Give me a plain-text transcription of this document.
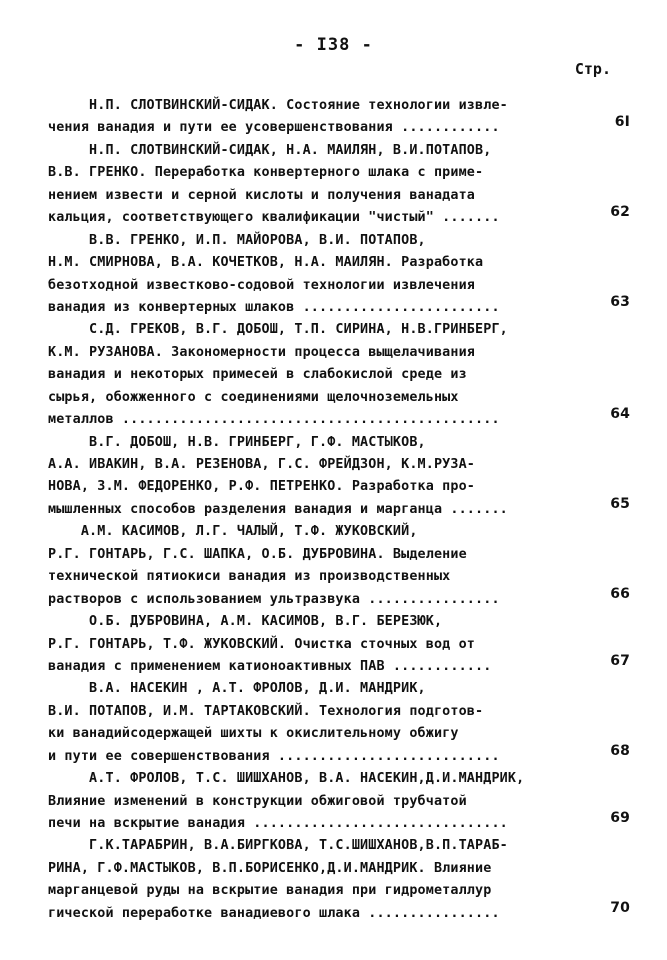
- I38 -
Стр.
Н.П. СЛОТВИНСКИЙ-СИДАК. Состояние технологии извле-
чения ванадия и пути ее усовершенствования ............	6I
Н.П. СЛОТВИНСКИЙ-СИДАК, Н.А. МАИЛЯН, В.И.ПОТАПОВ,
В.В. ГРЕНКО. Переработка конвертерного шлака с приме-
нением извести и серной кислоты и получения ванадата
кальция, соответствующего квалификации "чистый" .......	62
В.В. ГРЕНКО, И.П. МАЙОРОВА, В.И. ПОТАПОВ,
Н.М. СМИРНОВА, В.А. КОЧЕТКОВ, Н.А. МАИЛЯН. Разработка
безотходной известково-содовой технологии извлечения
ванадия из конвертерных шлаков ........................	63
С.Д. ГРЕКОВ, В.Г. ДОБОШ, Т.П. СИРИНА, Н.В.ГРИНБЕРГ,
К.М. РУЗАНОВА. Закономерности процесса выщелачивания
ванадия и некоторых примесей в слабокислой среде из
сырья, обожженного с соединениями щелочноземельных
металлов ..............................................	64
В.Г. ДОБОШ, Н.В. ГРИНБЕРГ, Г.Ф. МАСТЫКОВ,
А.А. ИВАКИН, В.А. РЕЗЕНОВА, Г.С. ФРЕЙДЗОН, К.М.РУЗА-
НОВА, З.М. ФЕДОРЕНКО, Р.Ф. ПЕТРЕНКО. Разработка про-
мышленных способов разделения ванадия и марганца .......	65
А.М. КАСИМОВ, Л.Г. ЧАЛЫЙ, Т.Ф. ЖУКОВСКИЙ,
Р.Г. ГОНТАРЬ, Г.С. ШАПКА, О.Б. ДУБРОВИНА. Выделение
технической пятиокиси ванадия из производственных
растворов с использованием ультразвука ................	66
О.Б. ДУБРОВИНА, А.М. КАСИМОВ, В.Г. БЕРЕЗЮК,
Р.Г. ГОНТАРЬ, Т.Ф. ЖУКОВСКИЙ. Очистка сточных вод от
ванадия с применением катионоактивных ПАВ ............	67
В.А. НАСЕКИН , А.Т. ФРОЛОВ, Д.И. МАНДРИК,
В.И. ПОТАПОВ, И.М. ТАРТАКОВСКИЙ. Технология подготов-
ки ванадийсодержащей шихты к окислительному обжигу
и пути ее совершенствования ...........................	68
А.Т. ФРОЛОВ, Т.С. ШИШХАНОВ, В.А. НАСЕКИН,Д.И.МАНДРИК,
Влияние изменений в конструкции обжиговой трубчатой
печи на вскрытие ванадия ...............................	69
Г.К.ТАРАБРИН, В.А.БИРГКОВА, Т.С.ШИШХАНОВ,В.П.ТАРАБ-
РИНА, Г.Ф.МАСТЫКОВ, В.П.БОРИСЕНКО,Д.И.МАНДРИК. Влияние
марганцевой руды на вскрытие ванадия при гидрометаллур
гической переработке ванадиевого шлака ................	70
